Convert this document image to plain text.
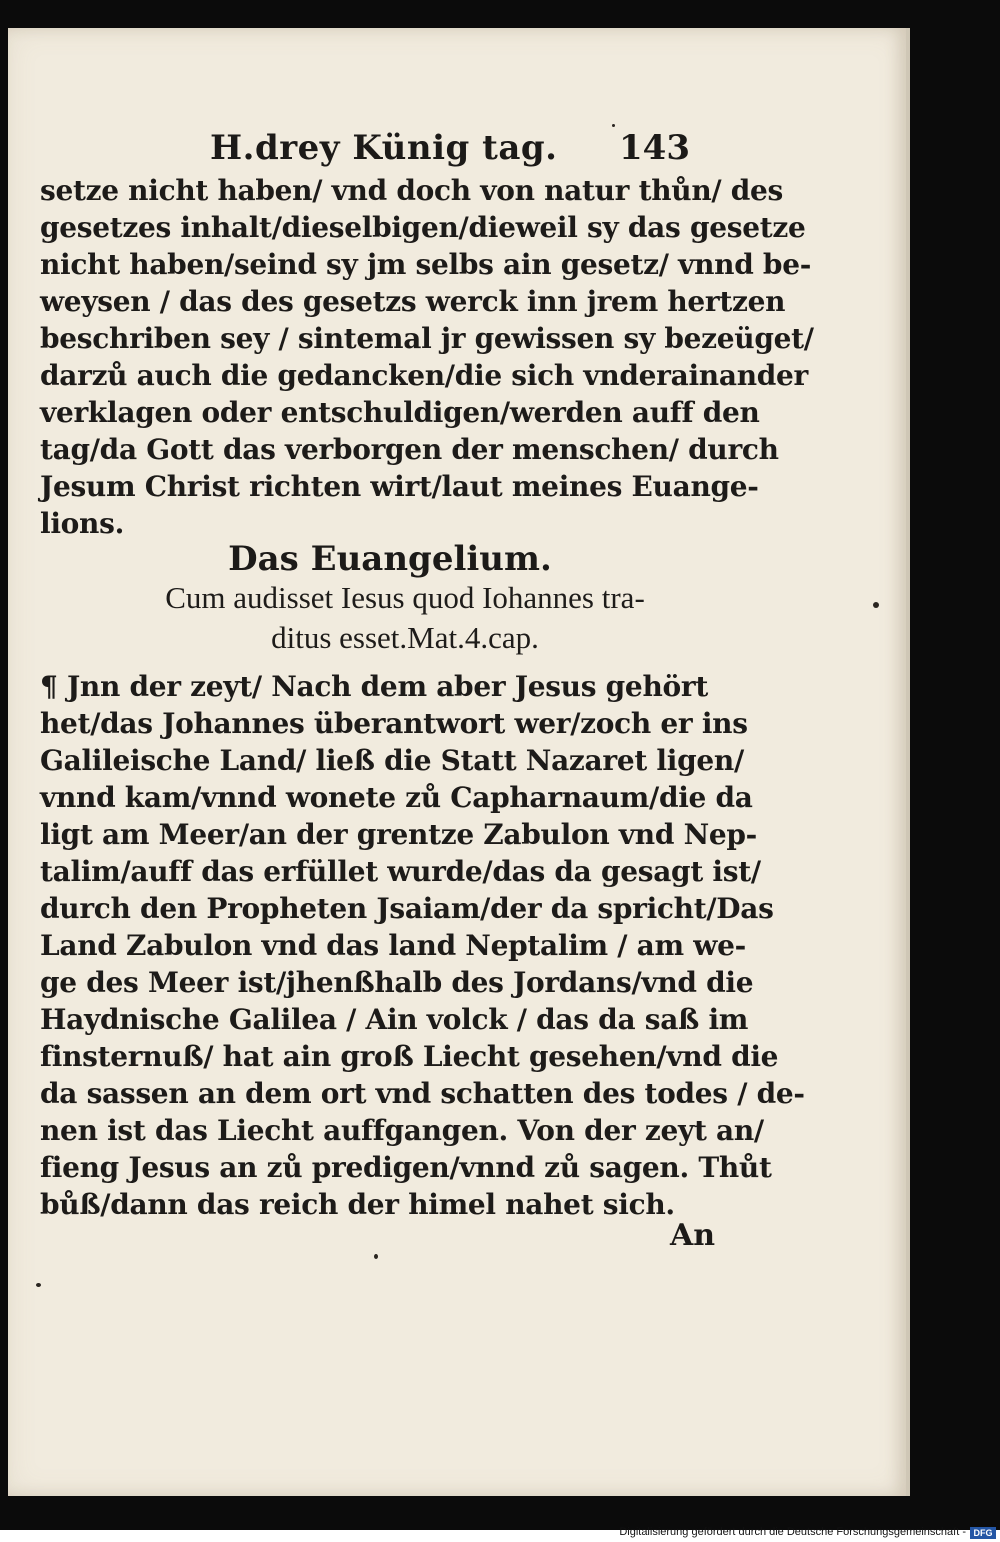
H.drey Künig tag. 143
setze nicht haben/ vnd doch von natur thůn/ des
gesetzes inhalt/dieselbigen/dieweil sy das gesetze
nicht haben/seind sy jm selbs ain gesetz/ vnnd be-
weysen / das des gesetzs werck inn jrem hertzen
beschriben sey / sintemal jr gewissen sy bezeüget/
darzů auch die gedancken/die sich vnderainander
verklagen oder entschuldigen/werden auff den
tag/da Gott das verborgen der menschen/ durch
Jesum Christ richten wirt/laut meines Euange-
lions.
Das Euangelium.
Cum audisset Iesus quod Iohannes tra-
ditus esset.Mat.4.cap.
¶ Jnn der zeyt/ Nach dem aber Jesus gehört
het/das Johannes überantwort wer/zoch er ins
Galileische Land/ ließ die Statt Nazaret ligen/
vnnd kam/vnnd wonete zů Capharnaum/die da
ligt am Meer/an der grentze Zabulon vnd Nep-
talim/auff das erfüllet wurde/das da gesagt ist/
durch den Propheten Jsaiam/der da spricht/Das
Land Zabulon vnd das land Neptalim / am we-
ge des Meer ist/jhenßhalb des Jordans/vnd die
Haydnische Galilea / Ain volck / das da saß im
finsternuß/ hat ain groß Liecht gesehen/vnd die
da sassen an dem ort vnd schatten des todes / de-
nen ist das Liecht auffgangen. Von der zeyt an/
fieng Jesus an zů predigen/vnnd zů sagen. Thůt
bůß/dann das reich der himel nahet sich.
An
Digitalisierung gefördert durch die Deutsche Forschungsgemeinschaft - DFG
